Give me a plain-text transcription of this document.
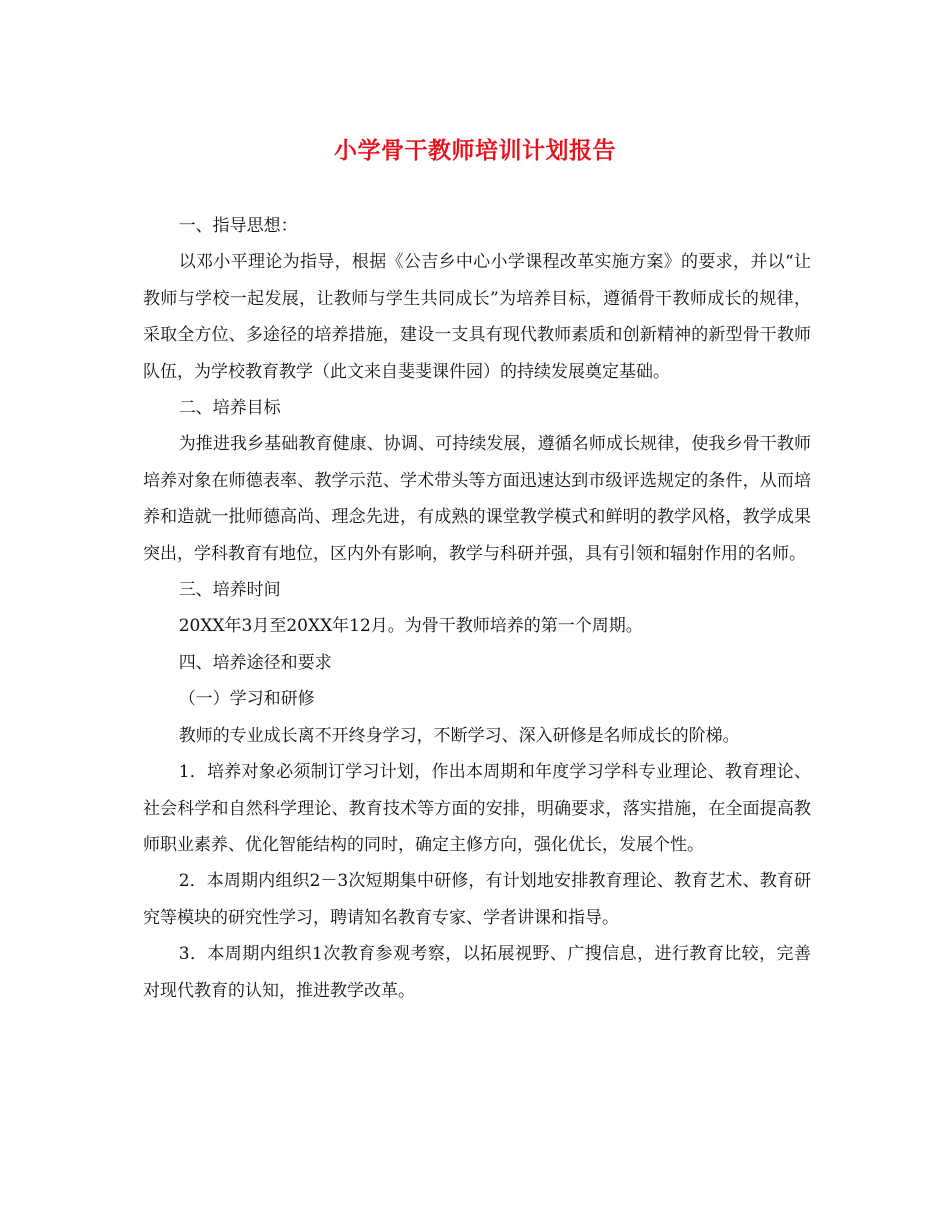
小学骨干教师培训计划报告

一、指导思想：

以邓小平理论为指导，根据《公吉乡中心小学课程改革实施方案》的要求，并以“让教师与学校一起发展，让教师与学生共同成长”为培养目标，遵循骨干教师成长的规律，采取全方位、多途径的培养措施，建设一支具有现代教师素质和创新精神的新型骨干教师队伍，为学校教育教学（此文来自斐斐课件园）的持续发展奠定基础。

二、培养目标

为推进我乡基础教育健康、协调、可持续发展，遵循名师成长规律，使我乡骨干教师培养对象在师德表率、教学示范、学术带头等方面迅速达到市级评选规定的条件，从而培养和造就一批师德高尚、理念先进，有成熟的课堂教学模式和鲜明的教学风格，教学成果突出，学科教育有地位，区内外有影响，教学与科研并强，具有引领和辐射作用的名师。

三、培养时间

20XX年3月至20XX年12月。为骨干教师培养的第一个周期。

四、培养途径和要求

（一）学习和研修

教师的专业成长离不开终身学习，不断学习、深入研修是名师成长的阶梯。

1．培养对象必须制订学习计划，作出本周期和年度学习学科专业理论、教育理论、社会科学和自然科学理论、教育技术等方面的安排，明确要求，落实措施，在全面提高教师职业素养、优化智能结构的同时，确定主修方向，强化优长，发展个性。

2．本周期内组织2－3次短期集中研修，有计划地安排教育理论、教育艺术、教育研究等模块的研究性学习，聘请知名教育专家、学者讲课和指导。

3．本周期内组织1次教育参观考察，以拓展视野、广搜信息，进行教育比较，完善对现代教育的认知，推进教学改革。
